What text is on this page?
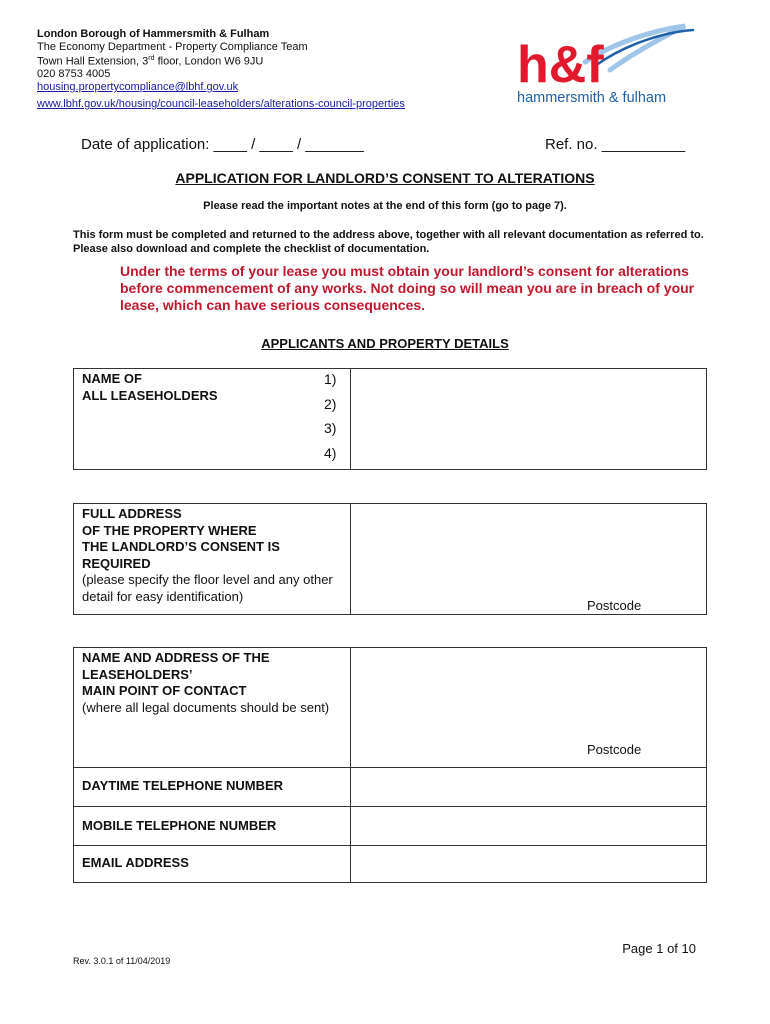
London Borough of Hammersmith & Fulham
The Economy Department - Property Compliance Team
Town Hall Extension, 3rd floor, London W6 9JU
020 8753 4005
housing.propertycompliance@lbhf.gov.uk
www.lbhf.gov.uk/housing/council-leaseholders/alterations-council-properties
h&f
hammersmith & fulham
Date of application: ____ / ____ / _______	Ref. no. __________
APPLICATION FOR LANDLORD’S CONSENT TO ALTERATIONS
Please read the important notes at the end of this form (go to page 7).
This form must be completed and returned to the address above, together with all relevant documentation as referred to. Please also download and complete the checklist of documentation.
Under the terms of your lease you must obtain your landlord’s consent for alterations before commencement of any works. Not doing so will mean you are in breach of your lease, which can have serious consequences.
APPLICANTS AND PROPERTY DETAILS
NAME OF
ALL LEASEHOLDERS
1)
2)
3)
4)
FULL ADDRESS
OF THE PROPERTY WHERE
THE LANDLORD’S CONSENT IS
REQUIRED
(please specify the floor level and any other detail for easy identification)
Postcode
NAME AND ADDRESS OF THE
LEASEHOLDERS’
MAIN POINT OF CONTACT
(where all legal documents should be sent)
Postcode
DAYTIME TELEPHONE NUMBER
MOBILE TELEPHONE NUMBER
EMAIL ADDRESS
Page 1 of 10
Rev. 3.0.1 of 11/04/2019
